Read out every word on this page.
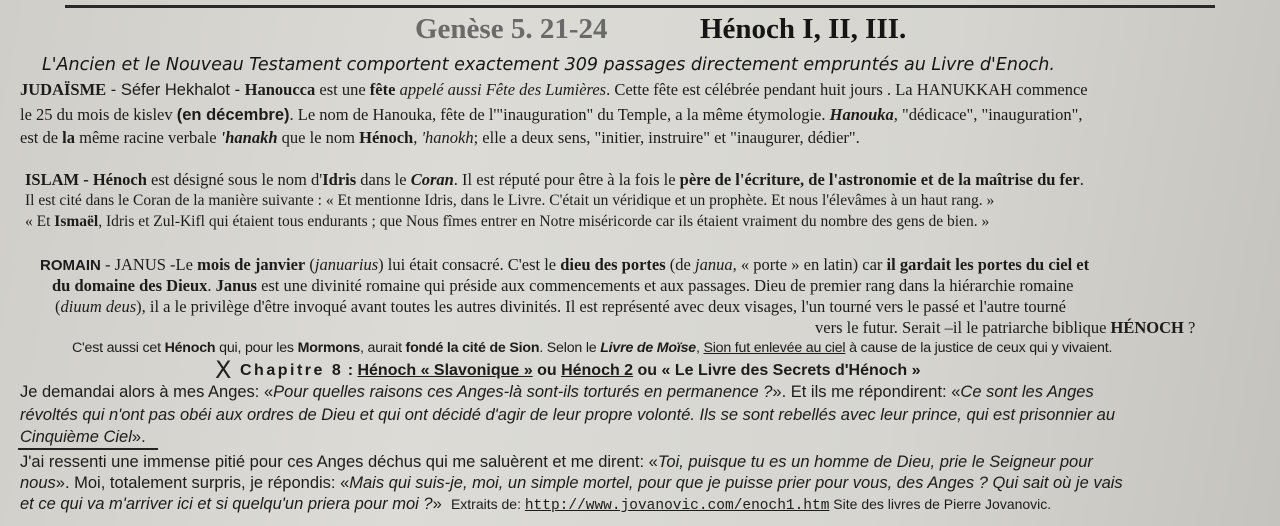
Genèse 5. 21-24	Hénoch I, II, III.
L'Ancien et le Nouveau Testament comportent exactement 309 passages directement empruntés au Livre d'Enoch.
JUDAÏSME - Séfer Hekhalot - Hanoucca est une fête appelé aussi Fête des Lumières. Cette fête est célébrée pendant huit jours . La HANUKKAH commence
le 25 du mois de kislev (en décembre). Le nom de Hanouka, fête de l'"inauguration" du Temple, a la même étymologie. Hanouka, "dédicace", "inauguration",
est de la même racine verbale 'hanakh que le nom Hénoch, 'hanokh; elle a deux sens, "initier, instruire" et "inaugurer, dédier".
ISLAM - Hénoch est désigné sous le nom d'Idris dans le Coran. Il est réputé pour être à la fois le père de l'écriture, de l'astronomie et de la maîtrise du fer.
Il est cité dans le Coran de la manière suivante : « Et mentionne Idris, dans le Livre. C'était un véridique et un prophète. Et nous l'élevâmes à un haut rang. »
« Et Ismaël, Idris et Zul-Kifl qui étaient tous endurants ; que Nous fîmes entrer en Notre miséricorde car ils étaient vraiment du nombre des gens de bien. »
ROMAIN - JANUS -Le mois de janvier (januarius) lui était consacré. C'est le dieu des portes (de janua, « porte » en latin) car il gardait les portes du ciel et
du domaine des Dieux. Janus est une divinité romaine qui préside aux commencements et aux passages. Dieu de premier rang dans la hiérarchie romaine
(diuum deus), il a le privilège d'être invoqué avant toutes les autres divinités. Il est représenté avec deux visages, l'un tourné vers le passé et l'autre tourné
vers le futur. Serait –il le patriarche biblique HÉNOCH ?
C'est aussi cet Hénoch qui, pour les Mormons, aurait fondé la cité de Sion. Selon le Livre de Moïse, Sion fut enlevée au ciel à cause de la justice de ceux qui y vivaient.
X Chapitre 8 : Hénoch « Slavonique » ou Hénoch 2 ou « Le Livre des Secrets d'Hénoch »
Je demandai alors à mes Anges: «Pour quelles raisons ces Anges-là sont-ils torturés en permanence ?». Et ils me répondirent: «Ce sont les Anges
révoltés qui n'ont pas obéi aux ordres de Dieu et qui ont décidé d'agir de leur propre volonté. Ils se sont rebellés avec leur prince, qui est prisonnier au
Cinquième Ciel».
J'ai ressenti une immense pitié pour ces Anges déchus qui me saluèrent et me dirent: «Toi, puisque tu es un homme de Dieu, prie le Seigneur pour
nous». Moi, totalement surpris, je répondis: «Mais qui suis-je, moi, un simple mortel, pour que je puisse prier pour vous, des Anges ? Qui sait où je vais
et ce qui va m'arriver ici et si quelqu'un priera pour moi ?» Extraits de: http://www.jovanovic.com/enoch1.htm Site des livres de Pierre Jovanovic.
